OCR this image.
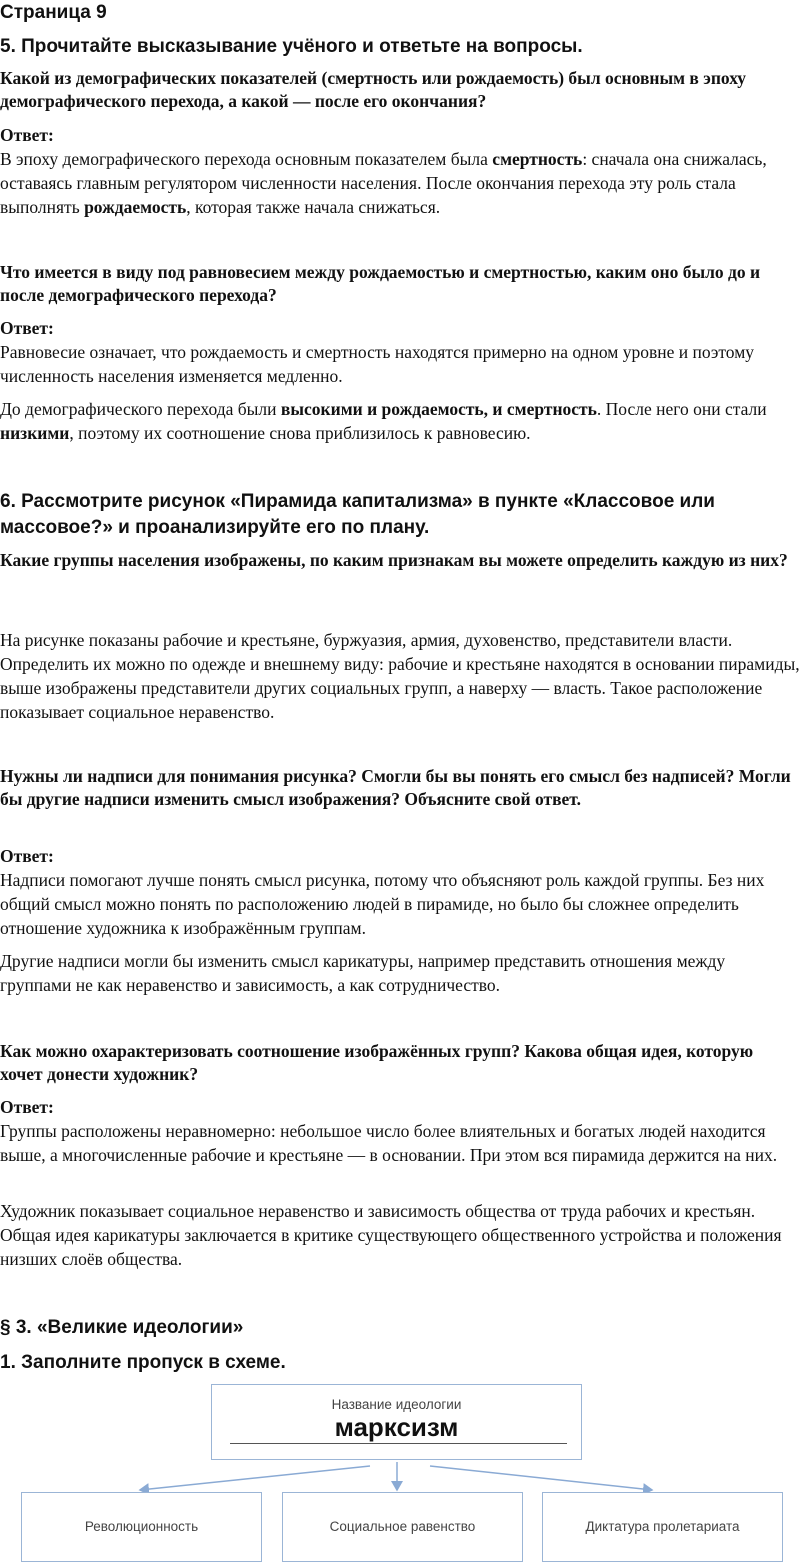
Страница 9
5. Прочитайте высказывание учёного и ответьте на вопросы.
Какой из демографических показателей (смертность или рождаемость) был основным в эпоху демографического перехода, а какой — после его окончания?
Ответ:
В эпоху демографического перехода основным показателем была смертность: сначала она снижалась, оставаясь главным регулятором численности населения. После окончания перехода эту роль стала выполнять рождаемость, которая также начала снижаться.
Что имеется в виду под равновесием между рождаемостью и смертностью, каким оно было до и после демографического перехода?
Ответ:
Равновесие означает, что рождаемость и смертность находятся примерно на одном уровне и поэтому численность населения изменяется медленно.
До демографического перехода были высокими и рождаемость, и смертность. После него они стали низкими, поэтому их соотношение снова приблизилось к равновесию.
6. Рассмотрите рисунок «Пирамида капитализма» в пункте «Классовое или массовое?» и проанализируйте его по плану.
Какие группы населения изображены, по каким признакам вы можете определить каждую из них?
На рисунке показаны рабочие и крестьяне, буржуазия, армия, духовенство, представители власти. Определить их можно по одежде и внешнему виду: рабочие и крестьяне находятся в основании пирамиды, выше изображены представители других социальных групп, а наверху — власть. Такое расположение показывает социальное неравенство.
Нужны ли надписи для понимания рисунка? Смогли бы вы понять его смысл без надписей? Могли бы другие надписи изменить смысл изображения? Объясните свой ответ.
Ответ:
Надписи помогают лучше понять смысл рисунка, потому что объясняют роль каждой группы. Без них общий смысл можно понять по расположению людей в пирамиде, но было бы сложнее определить отношение художника к изображённым группам.
Другие надписи могли бы изменить смысл карикатуры, например представить отношения между группами не как неравенство и зависимость, а как сотрудничество.
Как можно охарактеризовать соотношение изображённых групп? Какова общая идея, которую хочет донести художник?
Ответ:
Группы расположены неравномерно: небольшое число более влиятельных и богатых людей находится выше, а многочисленные рабочие и крестьяне — в основании. При этом вся пирамида держится на них.
Художник показывает социальное неравенство и зависимость общества от труда рабочих и крестьян. Общая идея карикатуры заключается в критике существующего общественного устройства и положения низших слоёв общества.
§ 3. «Великие идеологии»
1. Заполните пропуск в схеме.
Название идеологии
марксизм
Революционность	Социальное равенство	Диктатура пролетариата
